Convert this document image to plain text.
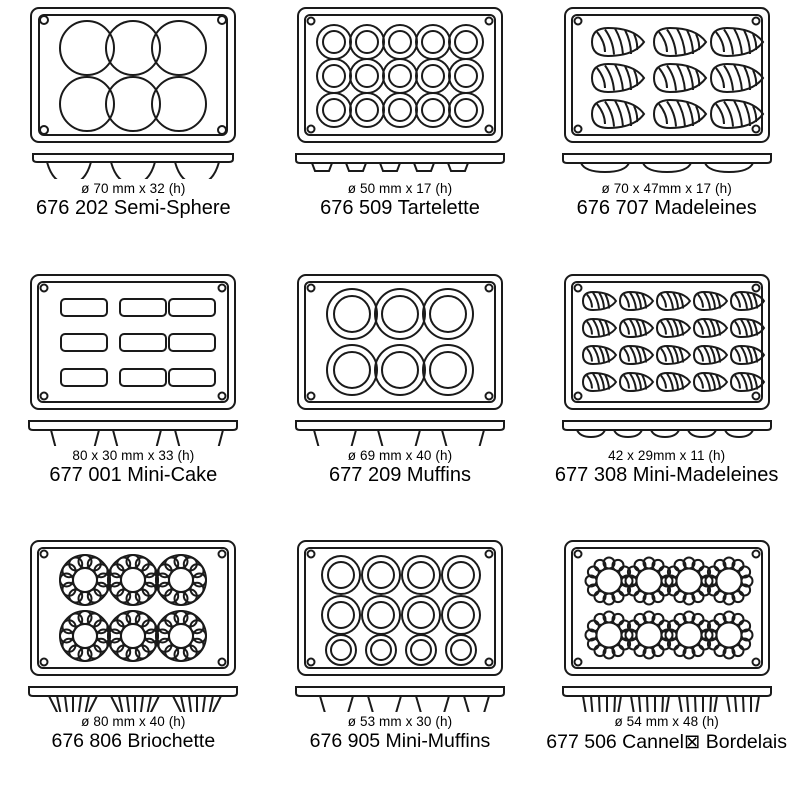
ø 70 mm x 32 (h)
676 202 Semi-Sphere
ø 50 mm x 17 (h)
676 509 Tartelette
ø 70 x 47mm x 17 (h)
676 707 Madeleines
80 x 30 mm x 33 (h)
677 001 Mini-Cake
ø 69 mm x 40 (h)
677 209 Muffins
42 x 29mm x 11 (h)
677 308 Mini-Madeleines
ø 80 mm x 40 (h)
676 806 Briochette
ø 53 mm x 30 (h)
676 905 Mini-Muffins
ø 54 mm x 48 (h)
677 506 Cannel⊠ Bordelais
